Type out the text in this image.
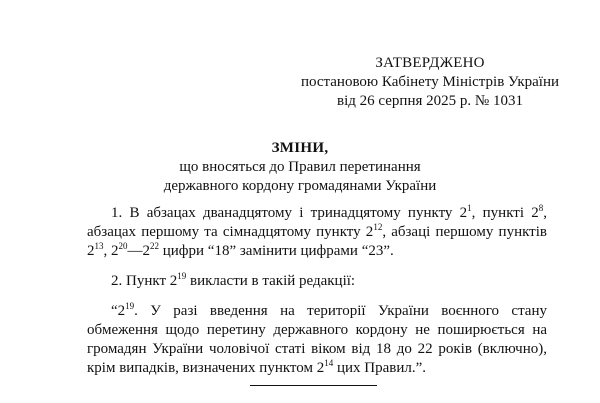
ЗАТВЕРДЖЕНО
постановою Кабінету Міністрів України
від 26 серпня 2025 р. № 1031
ЗМІНИ,
що вносяться до Правил перетинання
державного кордону громадянами України

1. В абзацах дванадцятому і тринадцятому пункту $2^1$, пункті $2^8$, абзацах першому та сімнадцятому пункту $2^{12}$, абзаці першому пунктів $2^{13}$, $2^{20}—2^{22}$ цифри “18” замінити цифрами “23”.

2. Пункт $2^{19}$ викласти в такій редакції:

“$2^{19}$. У разі введення на території України воєнного стану обмеження щодо перетину державного кордону не поширюється на громадян України чоловічої статі віком від 18 до 22 років (включно), крім випадків, визначених пунктом $2^{14}$ цих Правил.”.
